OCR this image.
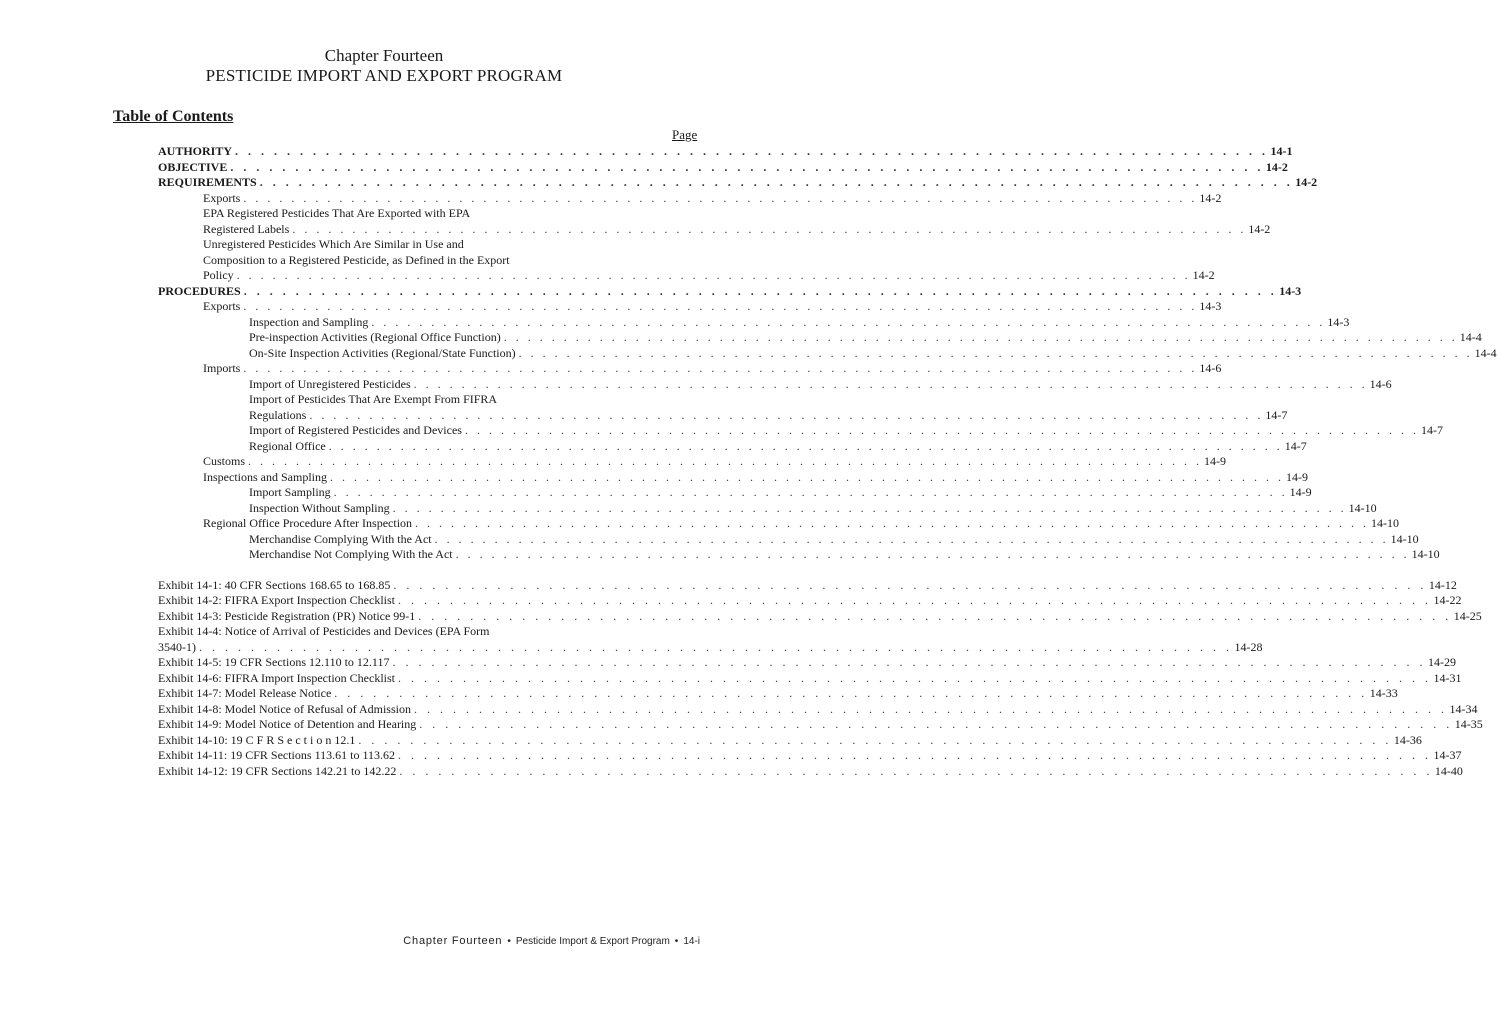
Chapter Fourteen
PESTICIDE IMPORT AND EXPORT PROGRAM
Table of Contents
Page
AUTHORITY . . . . . . . . . . . . . . . . . . . . . . . . . . . . . . . . . . . . . . . . . . . . . . . . . . . . . . . . . . . . . . . . . . . . . . . . . . . . . . . . 14-1
OBJECTIVE . . . . . . . . . . . . . . . . . . . . . . . . . . . . . . . . . . . . . . . . . . . . . . . . . . . . . . . . . . . . . . . . . . . . . . . . . . . . . . . . 14-2
REQUIREMENTS . . . . . . . . . . . . . . . . . . . . . . . . . . . . . . . . . . . . . . . . . . . . . . . . . . . . . . . . . . . . . . . . . . . . . . . . . . . . . . . . 14-2
Exports . . . . . . . . . . . . . . . . . . . . . . . . . . . . . . . . . . . . . . . . . . . . . . . . . . . . . . . . . . . . . . . . . . . . . . . . . . . . . . . . 14-2
EPA Registered Pesticides That Are Exported with EPA
Registered Labels . . . . . . . . . . . . . . . . . . . . . . . . . . . . . . . . . . . . . . . . . . . . . . . . . . . . . . . . . . . . . . . . . . . . . . . . . . . . . . . . 14-2
Unregistered Pesticides Which Are Similar in Use and
Composition to a Registered Pesticide, as Defined in the Export
Policy . . . . . . . . . . . . . . . . . . . . . . . . . . . . . . . . . . . . . . . . . . . . . . . . . . . . . . . . . . . . . . . . . . . . . . . . . . . . . . . . 14-2
PROCEDURES . . . . . . . . . . . . . . . . . . . . . . . . . . . . . . . . . . . . . . . . . . . . . . . . . . . . . . . . . . . . . . . . . . . . . . . . . . . . . . . . 14-3
Exports . . . . . . . . . . . . . . . . . . . . . . . . . . . . . . . . . . . . . . . . . . . . . . . . . . . . . . . . . . . . . . . . . . . . . . . . . . . . . . . . 14-3
Inspection and Sampling . . . . . . . . . . . . . . . . . . . . . . . . . . . . . . . . . . . . . . . . . . . . . . . . . . . . . . . . . . . . . . . . . . . . . . . . . . . . . . . . 14-3
Pre-inspection Activities (Regional Office Function) . . . . . . . . . . . . . . . . . . . . . . . . . . . . . . . . . . . . . . . . . . . . . . . . . . . . . . . . . . . . . . . . . . . . . . . . . . . . . . . . 14-4
On-Site Inspection Activities (Regional/State Function) . . . . . . . . . . . . . . . . . . . . . . . . . . . . . . . . . . . . . . . . . . . . . . . . . . . . . . . . . . . . . . . . . . . . . . . . . . . . . . . . 14-4
Imports . . . . . . . . . . . . . . . . . . . . . . . . . . . . . . . . . . . . . . . . . . . . . . . . . . . . . . . . . . . . . . . . . . . . . . . . . . . . . . . . 14-6
Import of Unregistered Pesticides . . . . . . . . . . . . . . . . . . . . . . . . . . . . . . . . . . . . . . . . . . . . . . . . . . . . . . . . . . . . . . . . . . . . . . . . . . . . . . . . 14-6
Import of Pesticides That Are Exempt From FIFRA
Regulations . . . . . . . . . . . . . . . . . . . . . . . . . . . . . . . . . . . . . . . . . . . . . . . . . . . . . . . . . . . . . . . . . . . . . . . . . . . . . . . . 14-7
Import of Registered Pesticides and Devices . . . . . . . . . . . . . . . . . . . . . . . . . . . . . . . . . . . . . . . . . . . . . . . . . . . . . . . . . . . . . . . . . . . . . . . . . . . . . . . . 14-7
Regional Office . . . . . . . . . . . . . . . . . . . . . . . . . . . . . . . . . . . . . . . . . . . . . . . . . . . . . . . . . . . . . . . . . . . . . . . . . . . . . . . . 14-7
Customs . . . . . . . . . . . . . . . . . . . . . . . . . . . . . . . . . . . . . . . . . . . . . . . . . . . . . . . . . . . . . . . . . . . . . . . . . . . . . . . . 14-9
Inspections and Sampling . . . . . . . . . . . . . . . . . . . . . . . . . . . . . . . . . . . . . . . . . . . . . . . . . . . . . . . . . . . . . . . . . . . . . . . . . . . . . . . . 14-9
Import Sampling . . . . . . . . . . . . . . . . . . . . . . . . . . . . . . . . . . . . . . . . . . . . . . . . . . . . . . . . . . . . . . . . . . . . . . . . . . . . . . . . 14-9
Inspection Without Sampling . . . . . . . . . . . . . . . . . . . . . . . . . . . . . . . . . . . . . . . . . . . . . . . . . . . . . . . . . . . . . . . . . . . . . . . . . . . . . . . . 14-10
Regional Office Procedure After Inspection . . . . . . . . . . . . . . . . . . . . . . . . . . . . . . . . . . . . . . . . . . . . . . . . . . . . . . . . . . . . . . . . . . . . . . . . . . . . . . . . 14-10
Merchandise Complying With the Act . . . . . . . . . . . . . . . . . . . . . . . . . . . . . . . . . . . . . . . . . . . . . . . . . . . . . . . . . . . . . . . . . . . . . . . . . . . . . . . . 14-10
Merchandise Not Complying With the Act . . . . . . . . . . . . . . . . . . . . . . . . . . . . . . . . . . . . . . . . . . . . . . . . . . . . . . . . . . . . . . . . . . . . . . . . . . . . . . . . 14-10
Exhibit 14-1: 40 CFR Sections 168.65 to 168.85 . . . . . . . . . . . . . . . . . . . . . . . . . . . . . . . . . . . . . . . . . . . . . . . . . . . . . . . . . . . . . . . . . . . . . . . . . . . . . . . . 14-12
Exhibit 14-2: FIFRA Export Inspection Checklist . . . . . . . . . . . . . . . . . . . . . . . . . . . . . . . . . . . . . . . . . . . . . . . . . . . . . . . . . . . . . . . . . . . . . . . . . . . . . . . . 14-22
Exhibit 14-3: Pesticide Registration (PR) Notice 99-1 . . . . . . . . . . . . . . . . . . . . . . . . . . . . . . . . . . . . . . . . . . . . . . . . . . . . . . . . . . . . . . . . . . . . . . . . . . . . . . . . 14-25
Exhibit 14-4: Notice of Arrival of Pesticides and Devices (EPA Form
3540-1) . . . . . . . . . . . . . . . . . . . . . . . . . . . . . . . . . . . . . . . . . . . . . . . . . . . . . . . . . . . . . . . . . . . . . . . . . . . . . . . . 14-28
Exhibit 14-5: 19 CFR Sections 12.110 to 12.117 . . . . . . . . . . . . . . . . . . . . . . . . . . . . . . . . . . . . . . . . . . . . . . . . . . . . . . . . . . . . . . . . . . . . . . . . . . . . . . . . 14-29
Exhibit 14-6: FIFRA Import Inspection Checklist . . . . . . . . . . . . . . . . . . . . . . . . . . . . . . . . . . . . . . . . . . . . . . . . . . . . . . . . . . . . . . . . . . . . . . . . . . . . . . . . 14-31
Exhibit 14-7: Model Release Notice . . . . . . . . . . . . . . . . . . . . . . . . . . . . . . . . . . . . . . . . . . . . . . . . . . . . . . . . . . . . . . . . . . . . . . . . . . . . . . . . 14-33
Exhibit 14-8: Model Notice of Refusal of Admission . . . . . . . . . . . . . . . . . . . . . . . . . . . . . . . . . . . . . . . . . . . . . . . . . . . . . . . . . . . . . . . . . . . . . . . . . . . . . . . . 14-34
Exhibit 14-9: Model Notice of Detention and Hearing . . . . . . . . . . . . . . . . . . . . . . . . . . . . . . . . . . . . . . . . . . . . . . . . . . . . . . . . . . . . . . . . . . . . . . . . . . . . . . . . 14-35
Exhibit 14-10: 19 C F R S e c t i o n 12.1 . . . . . . . . . . . . . . . . . . . . . . . . . . . . . . . . . . . . . . . . . . . . . . . . . . . . . . . . . . . . . . . . . . . . . . . . . . . . . . . . 14-36
Exhibit 14-11: 19 CFR Sections 113.61 to 113.62 . . . . . . . . . . . . . . . . . . . . . . . . . . . . . . . . . . . . . . . . . . . . . . . . . . . . . . . . . . . . . . . . . . . . . . . . . . . . . . . . 14-37
Exhibit 14-12: 19 CFR Sections 142.21 to 142.22 . . . . . . . . . . . . . . . . . . . . . . . . . . . . . . . . . . . . . . . . . . . . . . . . . . . . . . . . . . . . . . . . . . . . . . . . . . . . . . . . 14-40
Chapter Fourteen • Pesticide Import & Export Program • 14-i
